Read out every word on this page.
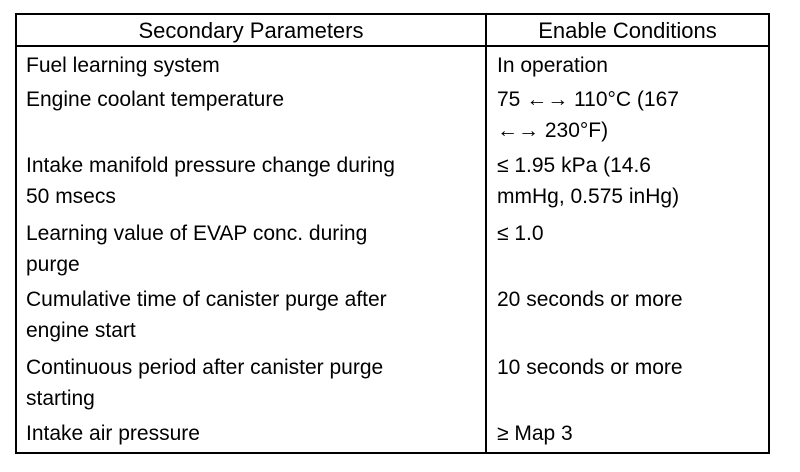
Secondary Parameters	Enable Conditions
Fuel learning system
Engine coolant temperature
Intake manifold pressure change during
50 msecs
Learning value of EVAP conc. during
purge
Cumulative time of canister purge after
engine start
Continuous period after canister purge
starting
Intake air pressure
In operation
75 ←→ 110°C (167
←→ 230°F)
≤ 1.95 kPa (14.6
mmHg, 0.575 inHg)
≤ 1.0
20 seconds or more
10 seconds or more
≥ Map 3
